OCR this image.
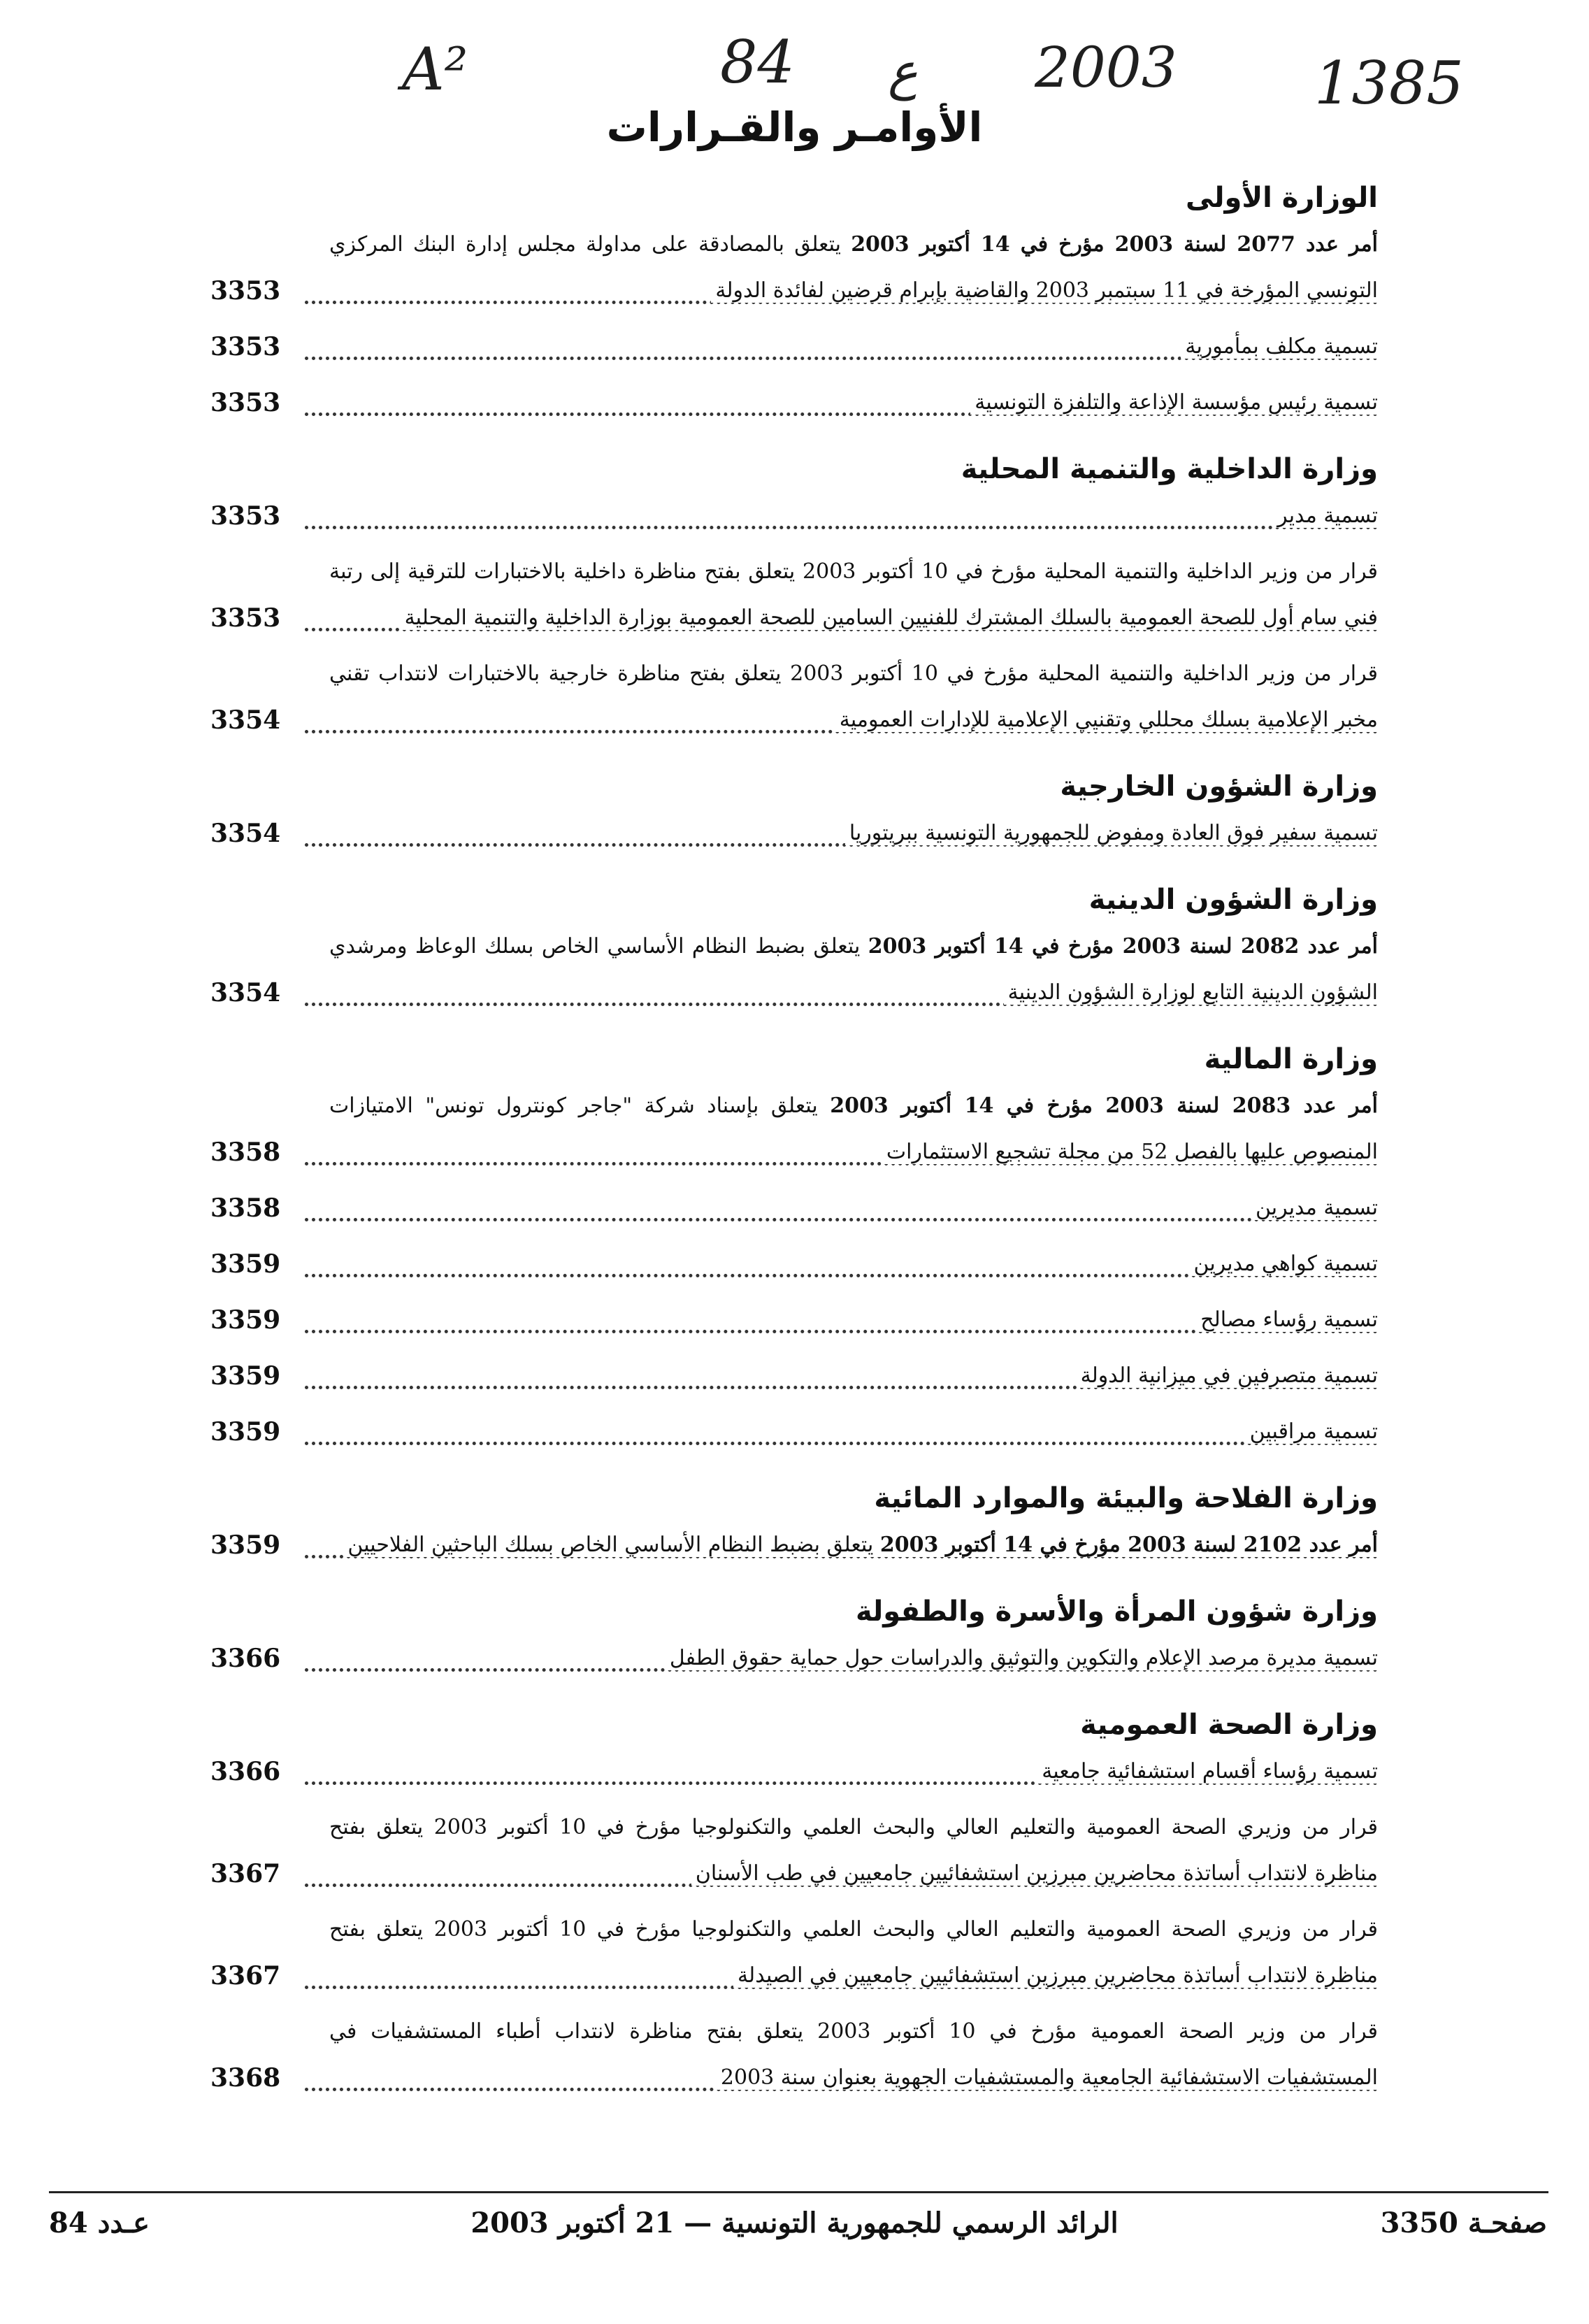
A²	84 ع 2003 1385
الأوامـر والقـرارات
الوزارة الأولى
أمر عدد 2077 لسنة 2003 مؤرخ في 14 أكتوبر 2003 يتعلق بالمصادقة على مداولة مجلس إدارة البنك المركزي التونسي المؤرخة في 11 سبتمبر 2003 والقاضية بإبرام قرضين لفائدة الدولة
3353
تسمية مكلف بمأمورية
3353
تسمية رئيس مؤسسة الإذاعة والتلفزة التونسية
3353
وزارة الداخلية والتنمية المحلية
تسمية مدير
3353
قرار من وزير الداخلية والتنمية المحلية مؤرخ في 10 أكتوبر 2003 يتعلق بفتح مناظرة داخلية بالاختبارات للترقية إلى رتبة فني سام أول للصحة العمومية بالسلك المشترك للفنيين السامين للصحة العمومية بوزارة الداخلية والتنمية المحلية
3353
قرار من وزير الداخلية والتنمية المحلية مؤرخ في 10 أكتوبر 2003 يتعلق بفتح مناظرة خارجية بالاختبارات لانتداب تقني مخبر الإعلامية بسلك محللي وتقنيي الإعلامية للإدارات العمومية
3354
وزارة الشؤون الخارجية
تسمية سفير فوق العادة ومفوض للجمهورية التونسية ببريتوريا
3354
وزارة الشؤون الدينية
أمر عدد 2082 لسنة 2003 مؤرخ في 14 أكتوبر 2003 يتعلق بضبط النظام الأساسي الخاص بسلك الوعاظ ومرشدي الشؤون الدينية التابع لوزارة الشؤون الدينية
3354
وزارة المالية
أمر عدد 2083 لسنة 2003 مؤرخ في 14 أكتوبر 2003 يتعلق بإسناد شركة "جاجر كونترول تونس" الامتيازات المنصوص عليها بالفصل 52 من مجلة تشجيع الاستثمارات
3358
تسمية مديرين
3358
تسمية كواهي مديرين
3359
تسمية رؤساء مصالح
3359
تسمية متصرفين في ميزانية الدولة
3359
تسمية مراقبين
3359
وزارة الفلاحة والبيئة والموارد المائية
أمر عدد 2102 لسنة 2003 مؤرخ في 14 أكتوبر 2003 يتعلق بضبط النظام الأساسي الخاص بسلك الباحثين الفلاحيين
3359
وزارة شؤون المرأة والأسرة والطفولة
تسمية مديرة مرصد الإعلام والتكوين والتوثيق والدراسات حول حماية حقوق الطفل
3366
وزارة الصحة العمومية
تسمية رؤساء أقسام استشفائية جامعية
3366
قرار من وزيري الصحة العمومية والتعليم العالي والبحث العلمي والتكنولوجيا مؤرخ في 10 أكتوبر 2003 يتعلق بفتح مناظرة لانتداب أساتذة محاضرين مبرزين استشفائيين جامعيين في طب الأسنان
3367
قرار من وزيري الصحة العمومية والتعليم العالي والبحث العلمي والتكنولوجيا مؤرخ في 10 أكتوبر 2003 يتعلق بفتح مناظرة لانتداب أساتذة محاضرين مبرزين استشفائيين جامعيين في الصيدلة
3367
قرار من وزير الصحة العمومية مؤرخ في 10 أكتوبر 2003 يتعلق بفتح مناظرة لانتداب أطباء المستشفيات في المستشفيات الاستشفائية الجامعية والمستشفيات الجهوية بعنوان سنة 2003
3368
صفحـة 3350
الرائد الرسمي للجمهورية التونسية — 21 أكتوبر 2003
عـدد 84
